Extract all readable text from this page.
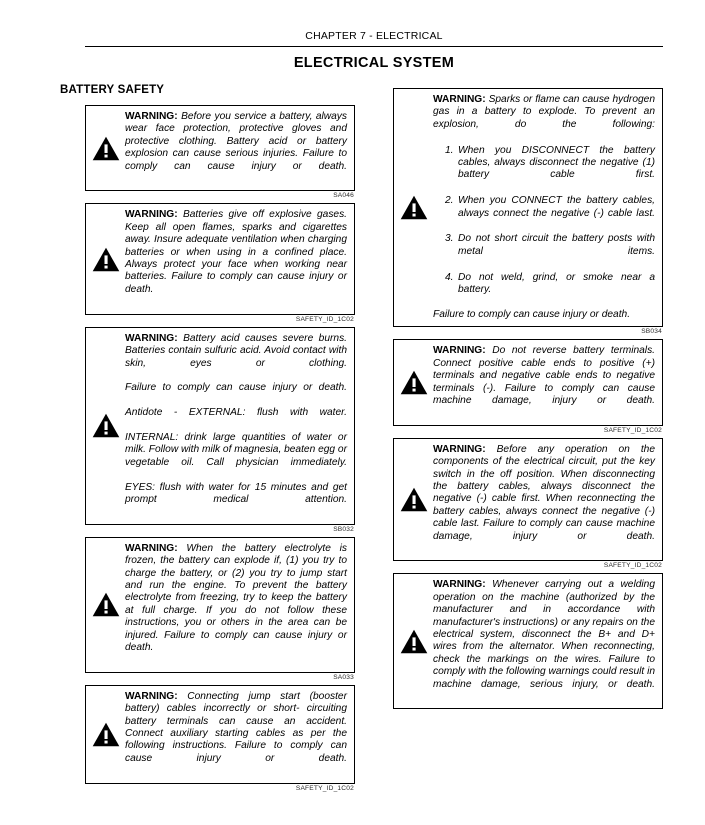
CHAPTER 7 - ELECTRICAL
ELECTRICAL SYSTEM
BATTERY SAFETY

WARNING: Before you service a battery, always wear face protection, protective gloves and protective clothing. Battery acid or battery explosion can cause serious injuries. Failure to comply can cause injury or death.

SA046

WARNING: Batteries give off explosive gases. Keep all open flames, sparks and cigarettes away. Insure adequate ventilation when charging batteries or when using in a confined place. Always protect your face when working near batteries. Failure to comply can cause injury or death.

SAFETY_ID_1C02

WARNING: Battery acid causes severe burns. Batteries contain sulfuric acid. Avoid contact with skin, eyes or clothing.

Failure to comply can cause injury or death.

Antidote - EXTERNAL: flush with water.

INTERNAL: drink large quantities of water or milk. Follow with milk of magnesia, beaten egg or vegetable oil. Call physician immediately.

EYES: flush with water for 15 minutes and get prompt medical attention.

SB032

WARNING: When the battery electrolyte is frozen, the battery can explode if, (1) you try to charge the battery, or (2) you try to jump start and run the engine. To prevent the battery electrolyte from freezing, try to keep the battery at full charge. If you do not follow these instructions, you or others in the area can be injured. Failure to comply can cause injury or death.

SA033

WARNING: Connecting jump start (booster battery) cables incorrectly or short- circuiting battery terminals can cause an accident. Connect auxiliary starting cables as per the following instructions. Failure to comply can cause injury or death.

SAFETY_ID_1C02

WARNING: Sparks or flame can cause hydrogen gas in a battery to explode. To prevent an explosion, do the following:

1. When you DISCONNECT the battery cables, always disconnect the negative (1) battery cable first.
2. When you CONNECT the battery cables, always connect the negative (-) cable last.
3. Do not short circuit the battery posts with metal items.
4. Do not weld, grind, or smoke near a battery.

Failure to comply can cause injury or death.

SB034

WARNING: Do not reverse battery terminals. Connect positive cable ends to positive (+) terminals and negative cable ends to negative terminals (-). Failure to comply can cause machine damage, injury or death.

SAFETY_ID_1C02

WARNING: Before any operation on the components of the electrical circuit, put the key switch in the off position. When disconnecting the battery cables, always disconnect the negative (-) cable first. When reconnecting the battery cables, always connect the negative (-) cable last. Failure to comply can cause machine damage, injury or death.

SAFETY_ID_1C02

WARNING: Whenever carrying out a welding operation on the machine (authorized by the manufacturer and in accordance with manufacturer's instructions) or any repairs on the electrical system, disconnect the B+ and D+ wires from the alternator. When reconnecting, check the markings on the wires. Failure to comply with the following warnings could result in machine damage, serious injury, or death.
